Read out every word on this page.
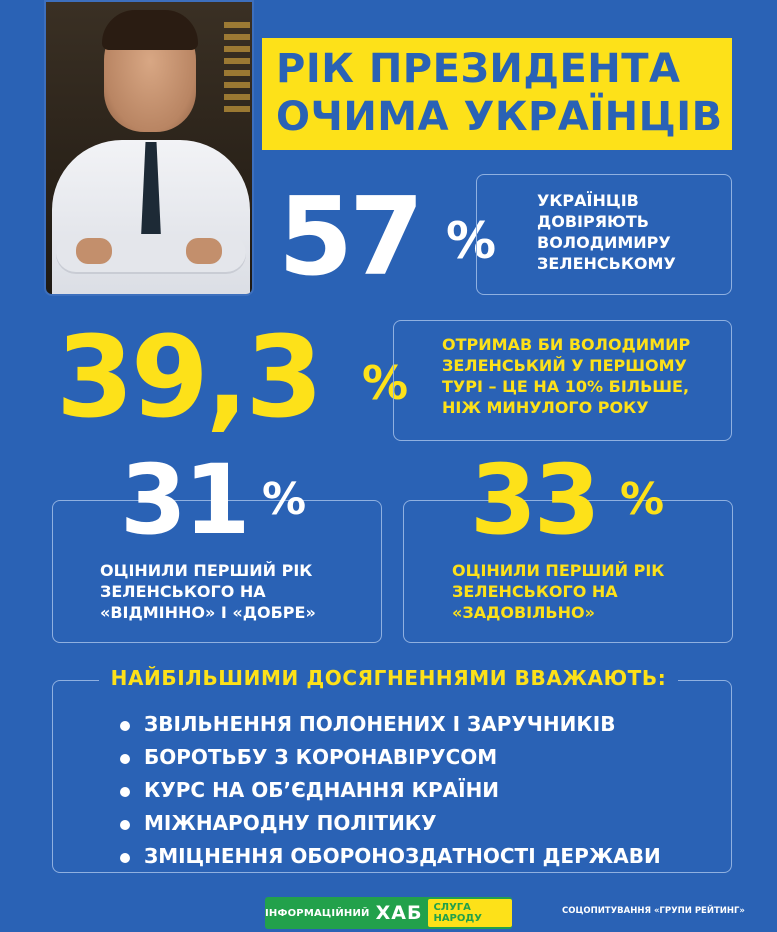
РІК ПРЕЗИДЕНТА
ОЧИМА УКРАЇНЦІВ
57 %
УКРАЇНЦІВ
ДОВІРЯЮТЬ
ВОЛОДИМИРУ
ЗЕЛЕНСЬКОМУ
39,3 %
ОТРИМАВ БИ ВОЛОДИМИР
ЗЕЛЕНСЬКИЙ У ПЕРШОМУ
ТУРІ – ЦЕ НА 10% БІЛЬШЕ,
НІЖ МИНУЛОГО РОКУ
31 %
ОЦІНИЛИ ПЕРШИЙ РІК
ЗЕЛЕНСЬКОГО НА
«ВІДМІННО» І «ДОБРЕ»
33 %
ОЦІНИЛИ ПЕРШИЙ РІК
ЗЕЛЕНСЬКОГО НА
«ЗАДОВІЛЬНО»
НАЙБІЛЬШИМИ ДОСЯГНЕННЯМИ ВВАЖАЮТЬ:
ЗВІЛЬНЕННЯ ПОЛОНЕНИХ І ЗАРУЧНИКІВ
БОРОТЬБУ З КОРОНАВІРУСОМ
КУРС НА ОБ’ЄДНАННЯ КРАЇНИ
МІЖНАРОДНУ ПОЛІТИКУ
ЗМІЦНЕННЯ ОБОРОНОЗДАТНОСТІ ДЕРЖАВИ
ІНФОРМАЦІЙНИЙ ХАБ	СЛУГА НАРОДУ
СОЦОПИТУВАННЯ «ГРУПИ РЕЙТИНГ»
